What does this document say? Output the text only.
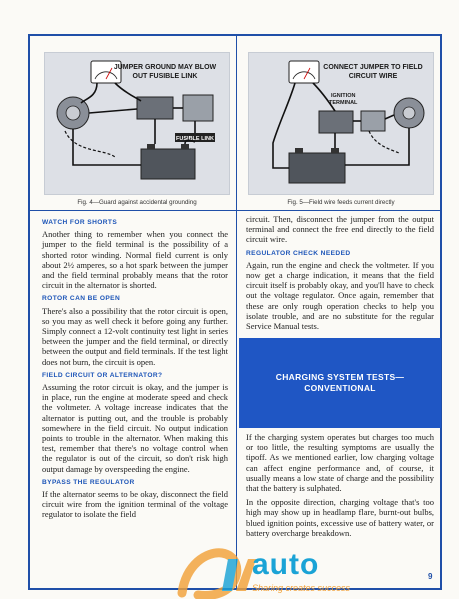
JUMPER GROUND MAY BLOW
OUT FUSIBLE LINK
FUSIBLE LINK
Fig. 4—Guard against accidental grounding
CONNECT JUMPER TO FIELD
CIRCUIT WIRE
IGNITION
TERMINAL
Fig. 5—Field wire feeds current directly
WATCH FOR SHORTS

Another thing to remember when you connect the jumper to the field terminal is the possibility of a shorted rotor winding. Normal field current is only about 2½ amperes, so a hot spark between the jumper and the field terminal probably means that the rotor circuit in the alternator is shorted.

ROTOR CAN BE OPEN

There's also a possibility that the rotor circuit is open, so you may as well check it before going any further. Simply connect a 12-volt continuity test light in series between the jumper and the field terminal, or directly between the output and field terminals. If the test light does not burn, the circuit is open.

FIELD CIRCUIT OR ALTERNATOR?

Assuming the rotor circuit is okay, and the jumper is in place, run the engine at moderate speed and check the voltmeter. A voltage increase indicates that the alternator is putting out, and the trouble is probably somewhere in the field circuit. No output indication points to trouble in the alternator. When making this test, remember that there's no voltage control when the regulator is out of the circuit, so don't risk high output damage by overspeeding the engine.

BYPASS THE REGULATOR

If the alternator seems to be okay, disconnect the field circuit wire from the ignition terminal of the voltage regulator to isolate the field

circuit. Then, disconnect the jumper from the output terminal and connect the free end directly to the field circuit wire.

REGULATOR CHECK NEEDED

Again, run the engine and check the voltmeter. If you now get a charge indication, it means that the field circuit itself is probably okay, and you'll have to check out the voltage regulator. Once again, remember that these are only rough operation checks to help you isolate trouble, and are no substitute for the regular Service Manual tests.

CHARGING SYSTEM TESTS—
CONVENTIONAL

If the charging system operates but charges too much or too little, the resulting symptoms are usually the tipoff. As we mentioned earlier, low charging voltage can affect engine performance and, of course, it usually means a low state of charge and the possibility that the battery is sulphated.

In the opposite direction, charging voltage that's too high may show up in headlamp flare, burnt-out bulbs, blued ignition points, excessive use of battery water, or battery overcharge breakdown.

auto
Sharing creates success
9
